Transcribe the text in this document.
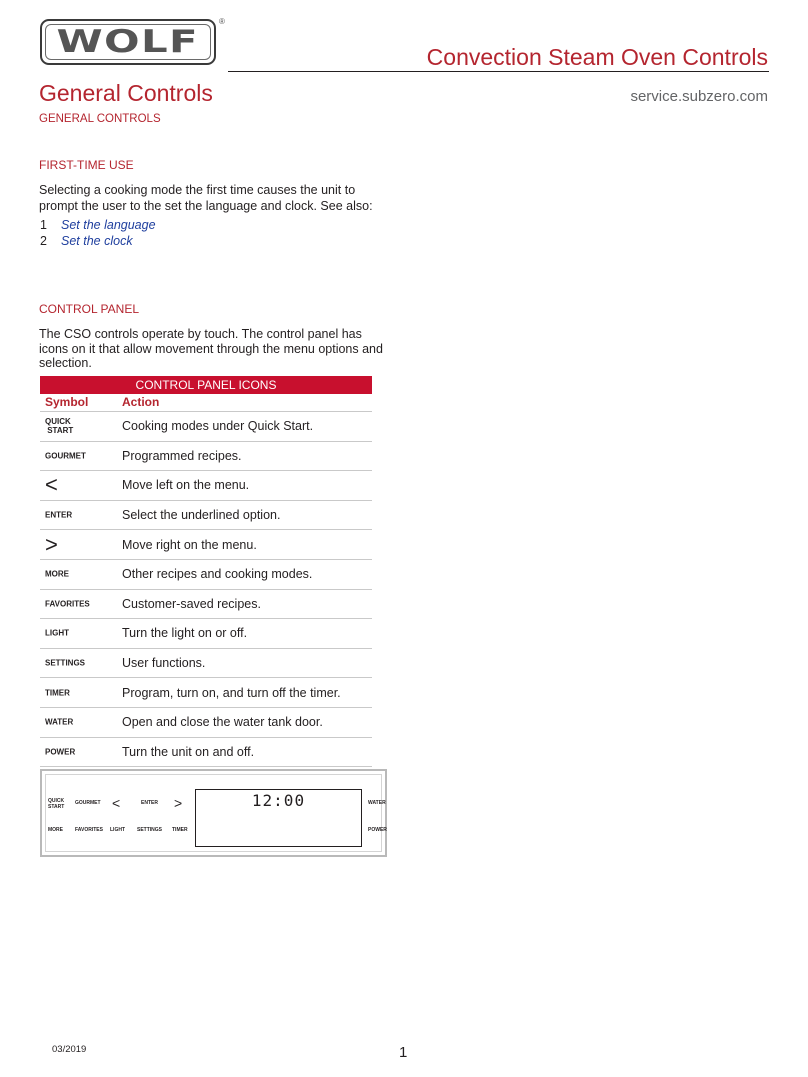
WOLF
®
Convection Steam Oven Controls
General Controls	service.subzero.com
GENERAL CONTROLS
FIRST-TIME USE
Selecting a cooking mode the first time causes the unit to
prompt the user to the set the language and clock. See also:
1 Set the language
2 Set the clock
CONTROL PANEL
The CSO controls operate by touch. The control panel has
icons on it that allow movement through the menu options and
selection.
CONTROL PANEL ICONS
Symbol	Action
QUICK
START	Cooking modes under Quick Start.
GOURMET	Programmed recipes.
<	Move left on the menu.
ENTER	Select the underlined option.
>	Move right on the menu.
MORE	Other recipes and cooking modes.
FAVORITES	Customer-saved recipes.
LIGHT	Turn the light on or off.
SETTINGS	User functions.
TIMER	Program, turn on, and turn off the timer.
WATER	Open and close the water tank door.
POWER	Turn the unit on and off.
QUICK
START
GOURMET <	ENTER >
MORE FAVORITES LIGHT SETTINGS TIMER
12:00	WATER
POWER
03/2019	1
